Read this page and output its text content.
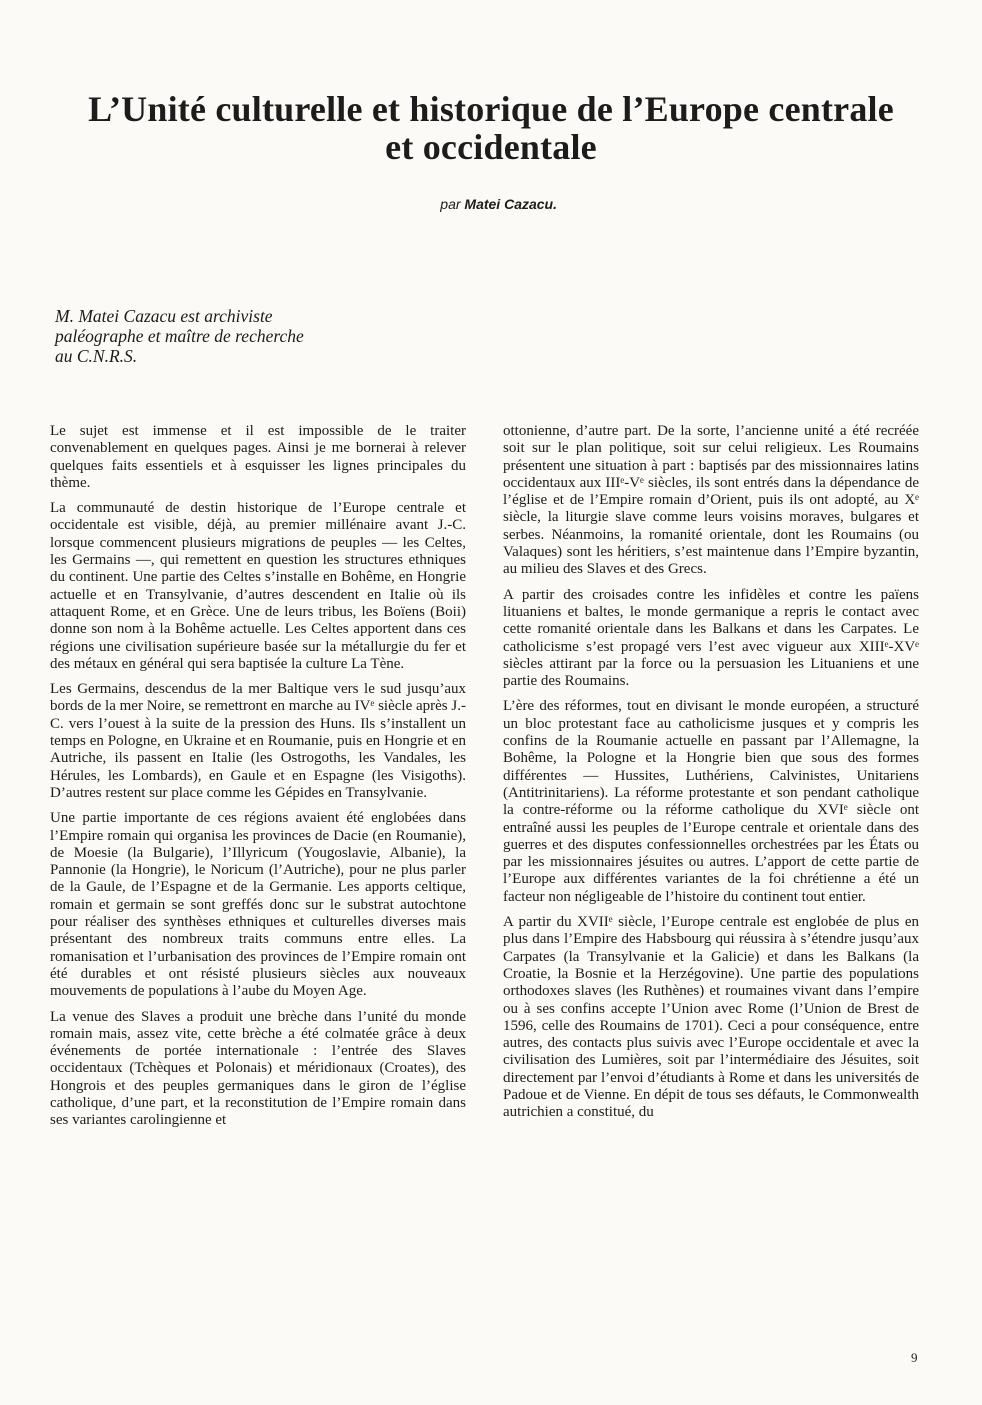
L’Unité culturelle et historique de l’Europe centrale
et occidentale
par Matei Cazacu.
M. Matei Cazacu est archiviste
paléographe et maître de recherche
au C.N.R.S.

Le sujet est immense et il est impossible de le traiter convenablement en quelques pages. Ainsi je me bornerai à relever quelques faits essentiels et à esquisser les lignes principales du thème.

La communauté de destin historique de l’Europe centrale et occidentale est visible, déjà, au premier millénaire avant J.-C. lorsque commencent plusieurs migrations de peuples — les Celtes, les Germains —, qui remettent en question les structures ethniques du continent. Une partie des Celtes s’installe en Bohême, en Hongrie actuelle et en Transylvanie, d’autres descendent en Italie où ils attaquent Rome, et en Grèce. Une de leurs tribus, les Boïens (Boii) donne son nom à la Bohême actuelle. Les Celtes apportent dans ces régions une civilisation supérieure basée sur la métallurgie du fer et des métaux en général qui sera baptisée la culture La Tène.

Les Germains, descendus de la mer Baltique vers le sud jusqu’aux bords de la mer Noire, se remettront en marche au IVᵉ siècle après J.-C. vers l’ouest à la suite de la pression des Huns. Ils s’installent un temps en Pologne, en Ukraine et en Roumanie, puis en Hongrie et en Autriche, ils passent en Italie (les Ostrogoths, les Vandales, les Hérules, les Lombards), en Gaule et en Espagne (les Visigoths). D’autres restent sur place comme les Gépides en Transylvanie.

Une partie importante de ces régions avaient été englobées dans l’Empire romain qui organisa les provinces de Dacie (en Roumanie), de Moesie (la Bulgarie), l’Illyricum (Yougoslavie, Albanie), la Pannonie (la Hongrie), le Noricum (l’Autriche), pour ne plus parler de la Gaule, de l’Espagne et de la Germanie. Les apports celtique, romain et germain se sont greffés donc sur le substrat autochtone pour réaliser des synthèses ethniques et culturelles diverses mais présentant des nombreux traits communs entre elles. La romanisation et l’urbanisation des provinces de l’Empire romain ont été durables et ont résisté plusieurs siècles aux nouveaux mouvements de populations à l’aube du Moyen Age.

La venue des Slaves a produit une brèche dans l’unité du monde romain mais, assez vite, cette brèche a été colmatée grâce à deux événements de portée internationale : l’entrée des Slaves occidentaux (Tchèques et Polonais) et méridionaux (Croates), des Hongrois et des peuples germaniques dans le giron de l’église catholique, d’une part, et la reconstitution de l’Empire romain dans ses variantes carolingienne et

ottonienne, d’autre part. De la sorte, l’ancienne unité a été recréée soit sur le plan politique, soit sur celui religieux. Les Roumains présentent une situation à part : baptisés par des missionnaires latins occidentaux aux IIIᵉ-Vᵉ siècles, ils sont entrés dans la dépendance de l’église et de l’Empire romain d’Orient, puis ils ont adopté, au Xᵉ siècle, la liturgie slave comme leurs voisins moraves, bulgares et serbes. Néanmoins, la romanité orientale, dont les Roumains (ou Valaques) sont les héritiers, s’est maintenue dans l’Empire byzantin, au milieu des Slaves et des Grecs.

A partir des croisades contre les infidèles et contre les païens lituaniens et baltes, le monde germanique a repris le contact avec cette romanité orientale dans les Balkans et dans les Carpates. Le catholicisme s’est propagé vers l’est avec vigueur aux XIIIᵉ-XVᵉ siècles attirant par la force ou la persuasion les Lituaniens et une partie des Roumains.

L’ère des réformes, tout en divisant le monde européen, a structuré un bloc protestant face au catholicisme jusques et y compris les confins de la Roumanie actuelle en passant par l’Allemagne, la Bohême, la Pologne et la Hongrie bien que sous des formes différentes — Hussites, Luthériens, Calvinistes, Unitariens (Antitrinitariens). La réforme protestante et son pendant catholique la contre-réforme ou la réforme catholique du XVIᵉ siècle ont entraîné aussi les peuples de l’Europe centrale et orientale dans des guerres et des disputes confessionnelles orchestrées par les États ou par les missionnaires jésuites ou autres. L’apport de cette partie de l’Europe aux différentes variantes de la foi chrétienne a été un facteur non négligeable de l’histoire du continent tout entier.

A partir du XVIIᵉ siècle, l’Europe centrale est englobée de plus en plus dans l’Empire des Habsbourg qui réussira à s’étendre jusqu’aux Carpates (la Transylvanie et la Galicie) et dans les Balkans (la Croatie, la Bosnie et la Herzégovine). Une partie des populations orthodoxes slaves (les Ruthènes) et roumaines vivant dans l’empire ou à ses confins accepte l’Union avec Rome (l’Union de Brest de 1596, celle des Roumains de 1701). Ceci a pour conséquence, entre autres, des contacts plus suivis avec l’Europe occidentale et avec la civilisation des Lumières, soit par l’intermédiaire des Jésuites, soit directement par l’envoi d’étudiants à Rome et dans les universités de Padoue et de Vienne. En dépit de tous ses défauts, le Commonwealth autrichien a constitué, du

9
